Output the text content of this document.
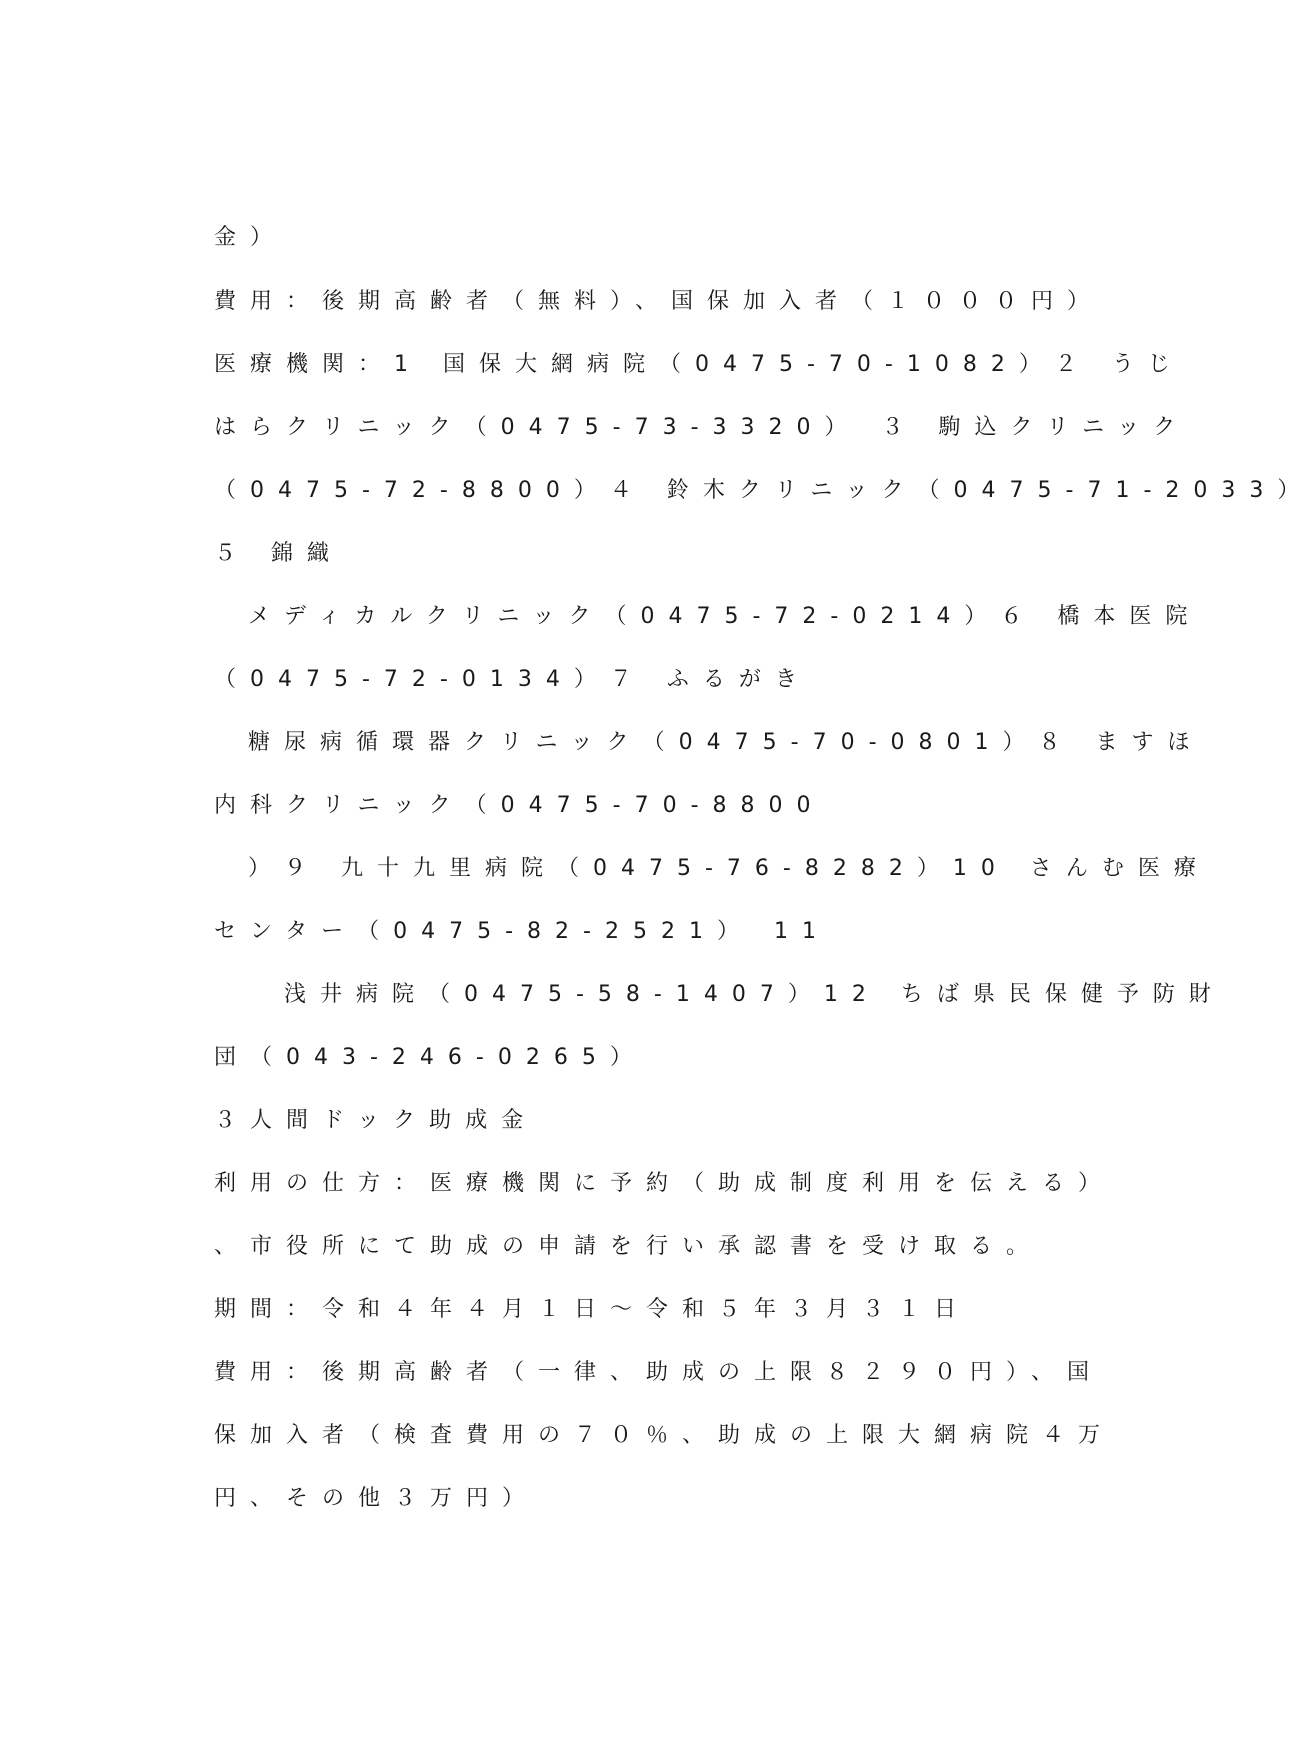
金）
費用：後期高齢者（無料）、国保加入者（１０００円）
医療機関：1 国保大網病院（0475-70-1082）２ うじ
はらクリニック（0475-73-3320） ３ 駒込クリニック
（0475-72-8800）４ 鈴木クリニック（0475-71-2033）
５ 錦織
メディカルクリニック（0475-72-0214）６ 橋本医院
（0475-72-0134）７ ふるがき
糖尿病循環器クリニック（0475-70-0801）８ ますほ
内科クリニック（0475-70-8800
）９ 九十九里病院（0475-76-8282）10 さんむ医療
センター（0475-82-2521） 11
浅井病院（0475-58-1407）12 ちば県民保健予防財
団（043-246-0265）
３人間ドック助成金
利用の仕方：医療機関に予約（助成制度利用を伝える）
、市役所にて助成の申請を行い承認書を受け取る。
期間：令和４年４月１日～令和５年３月３１日
費用：後期高齢者（一律、助成の上限８２９０円）、国
保加入者（検査費用の７０％、助成の上限大網病院４万
円、その他３万円）
